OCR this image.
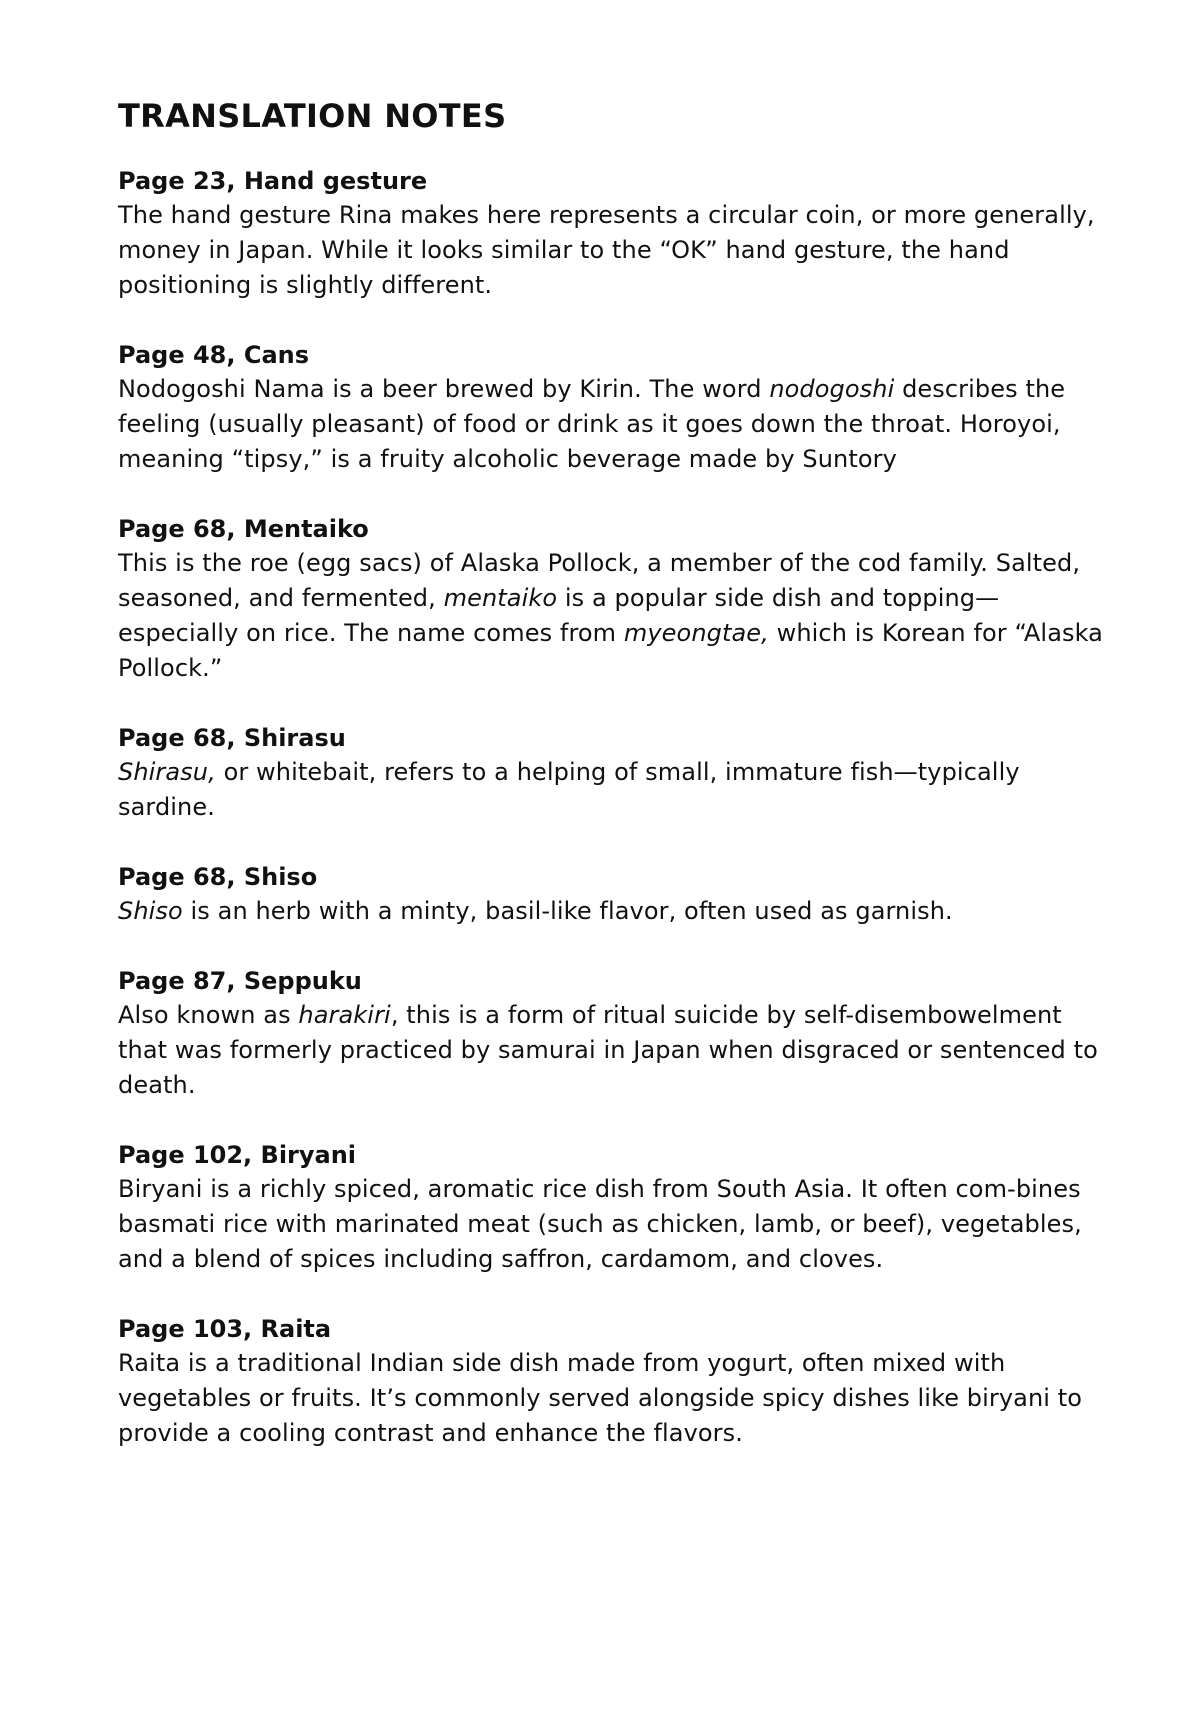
TRANSLATION NOTES

Page 23, Hand gesture

The hand gesture Rina makes here represents a circular coin, or more generally, money in Japan. While it looks similar to the “OK” hand gesture, the hand positioning is slightly different.

Page 48, Cans

Nodogoshi Nama is a beer brewed by Kirin. The word nodogoshi describes the feeling (usually pleasant) of food or drink as it goes down the throat. Horoyoi, meaning “tipsy,” is a fruity alcoholic beverage made by Suntory

Page 68, Mentaiko

This is the roe (egg sacs) of Alaska Pollock, a member of the cod family. Salted, seasoned, and fermented, mentaiko is a popular side dish and topping—especially on rice. The name comes from myeongtae, which is Korean for “Alaska Pollock.”

Page 68, Shirasu

Shirasu, or whitebait, refers to a helping of small, immature fish—typically sardine.

Page 68, Shiso

Shiso is an herb with a minty, basil-like flavor, often used as garnish.

Page 87, Seppuku

Also known as harakiri, this is a form of ritual suicide by self-disembowelment that was formerly practiced by samurai in Japan when disgraced or sentenced to death.

Page 102, Biryani

Biryani is a richly spiced, aromatic rice dish from South Asia. It often com-bines basmati rice with marinated meat (such as chicken, lamb, or beef), vegetables, and a blend of spices including saffron, cardamom, and cloves.

Page 103, Raita

Raita is a traditional Indian side dish made from yogurt, often mixed with vegetables or fruits. It’s commonly served alongside spicy dishes like biryani to provide a cooling contrast and enhance the flavors.
